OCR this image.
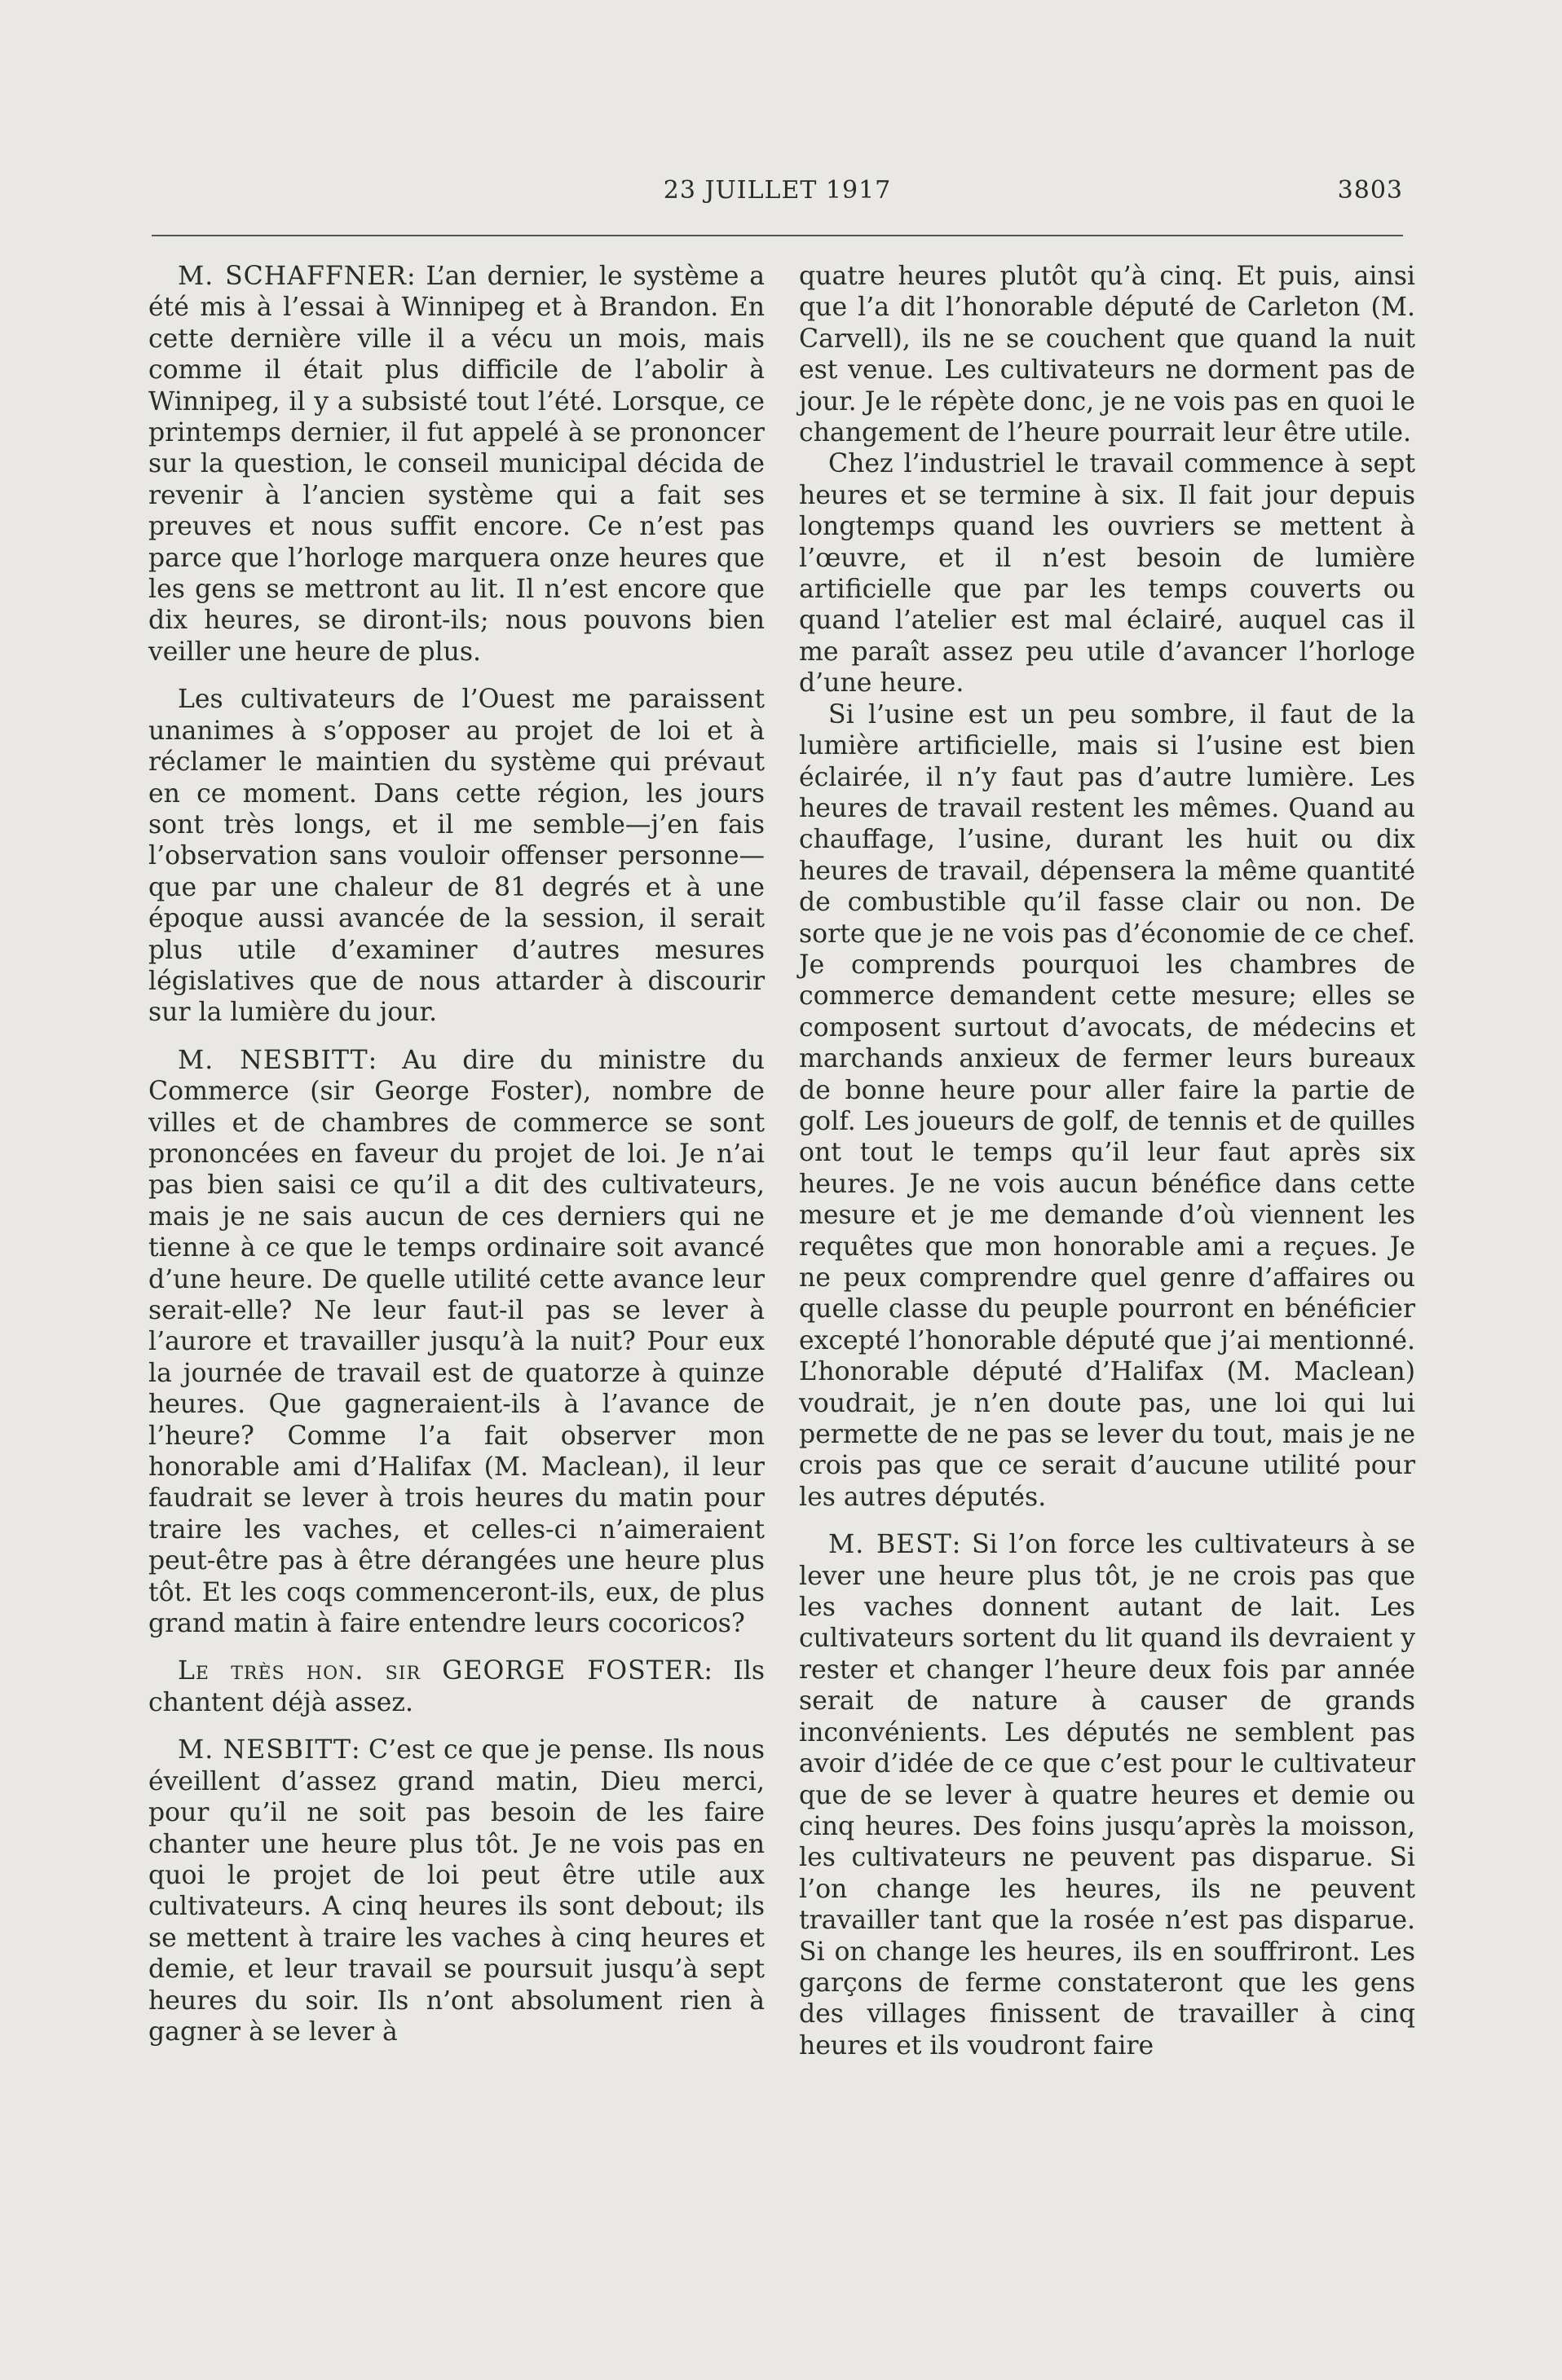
23 JUILLET 1917	3803

M. SCHAFFNER: L’an dernier, le système a été mis à l’essai à Winnipeg et à Brandon. En cette dernière ville il a vécu un mois, mais comme il était plus difficile de l’abolir à Winnipeg, il y a subsisté tout l’été. Lorsque, ce printemps dernier, il fut appelé à se prononcer sur la question, le conseil municipal décida de revenir à l’ancien système qui a fait ses preuves et nous suffit encore. Ce n’est pas parce que l’horloge marquera onze heures que les gens se mettront au lit. Il n’est encore que dix heures, se diront-ils; nous pouvons bien veiller une heure de plus.

Les cultivateurs de l’Ouest me paraissent unanimes à s’opposer au projet de loi et à réclamer le maintien du système qui prévaut en ce moment. Dans cette région, les jours sont très longs, et il me semble—j’en fais l’observation sans vouloir offenser personne—que par une chaleur de 81 degrés et à une époque aussi avancée de la session, il serait plus utile d’examiner d’autres mesures législatives que de nous attarder à discourir sur la lumière du jour.

M. NESBITT: Au dire du ministre du Commerce (sir George Foster), nombre de villes et de chambres de commerce se sont prononcées en faveur du projet de loi. Je n’ai pas bien saisi ce qu’il a dit des cultivateurs, mais je ne sais aucun de ces derniers qui ne tienne à ce que le temps ordinaire soit avancé d’une heure. De quelle utilité cette avance leur serait-elle? Ne leur faut-il pas se lever à l’aurore et travailler jusqu’à la nuit? Pour eux la journée de travail est de quatorze à quinze heures. Que gagneraient-ils à l’avance de l’heure? Comme l’a fait observer mon honorable ami d’Halifax (M. Maclean), il leur faudrait se lever à trois heures du matin pour traire les vaches, et celles-ci n’aimeraient peut-être pas à être dérangées une heure plus tôt. Et les coqs commenceront-ils, eux, de plus grand matin à faire entendre leurs cocoricos?

Le très hon. sir GEORGE FOSTER: Ils chantent déjà assez.

M. NESBITT: C’est ce que je pense. Ils nous éveillent d’assez grand matin, Dieu merci, pour qu’il ne soit pas besoin de les faire chanter une heure plus tôt. Je ne vois pas en quoi le projet de loi peut être utile aux cultivateurs. A cinq heures ils sont debout; ils se mettent à traire les vaches à cinq heures et demie, et leur travail se poursuit jusqu’à sept heures du soir. Ils n’ont absolument rien à gagner à se lever à

quatre heures plutôt qu’à cinq. Et puis, ainsi que l’a dit l’honorable député de Carleton (M. Carvell), ils ne se couchent que quand la nuit est venue. Les cultivateurs ne dorment pas de jour. Je le répète donc, je ne vois pas en quoi le changement de l’heure pourrait leur être utile.

Chez l’industriel le travail commence à sept heures et se termine à six. Il fait jour depuis longtemps quand les ouvriers se mettent à l’œuvre, et il n’est besoin de lumière artificielle que par les temps couverts ou quand l’atelier est mal éclairé, auquel cas il me paraît assez peu utile d’avancer l’horloge d’une heure.

Si l’usine est un peu sombre, il faut de la lumière artificielle, mais si l’usine est bien éclairée, il n’y faut pas d’autre lumière. Les heures de travail restent les mêmes. Quand au chauffage, l’usine, durant les huit ou dix heures de travail, dépensera la même quantité de combustible qu’il fasse clair ou non. De sorte que je ne vois pas d’économie de ce chef. Je comprends pourquoi les chambres de commerce demandent cette mesure; elles se composent surtout d’avocats, de médecins et marchands anxieux de fermer leurs bureaux de bonne heure pour aller faire la partie de golf. Les joueurs de golf, de tennis et de quilles ont tout le temps qu’il leur faut après six heures. Je ne vois aucun bénéfice dans cette mesure et je me demande d’où viennent les requêtes que mon honorable ami a reçues. Je ne peux comprendre quel genre d’affaires ou quelle classe du peuple pourront en bénéficier excepté l’honorable député que j’ai mentionné. L’honorable député d’Halifax (M. Maclean) voudrait, je n’en doute pas, une loi qui lui permette de ne pas se lever du tout, mais je ne crois pas que ce serait d’aucune utilité pour les autres députés.

M. BEST: Si l’on force les cultivateurs à se lever une heure plus tôt, je ne crois pas que les vaches donnent autant de lait. Les cultivateurs sortent du lit quand ils devraient y rester et changer l’heure deux fois par année serait de nature à causer de grands inconvénients. Les députés ne semblent pas avoir d’idée de ce que c’est pour le cultivateur que de se lever à quatre heures et demie ou cinq heures. Des foins jusqu’après la moisson, les cultivateurs ne peuvent pas disparue. Si l’on change les heures, ils ne peuvent travailler tant que la rosée n’est pas disparue. Si on change les heures, ils en souffriront. Les garçons de ferme constateront que les gens des villages finissent de travailler à cinq heures et ils voudront faire
